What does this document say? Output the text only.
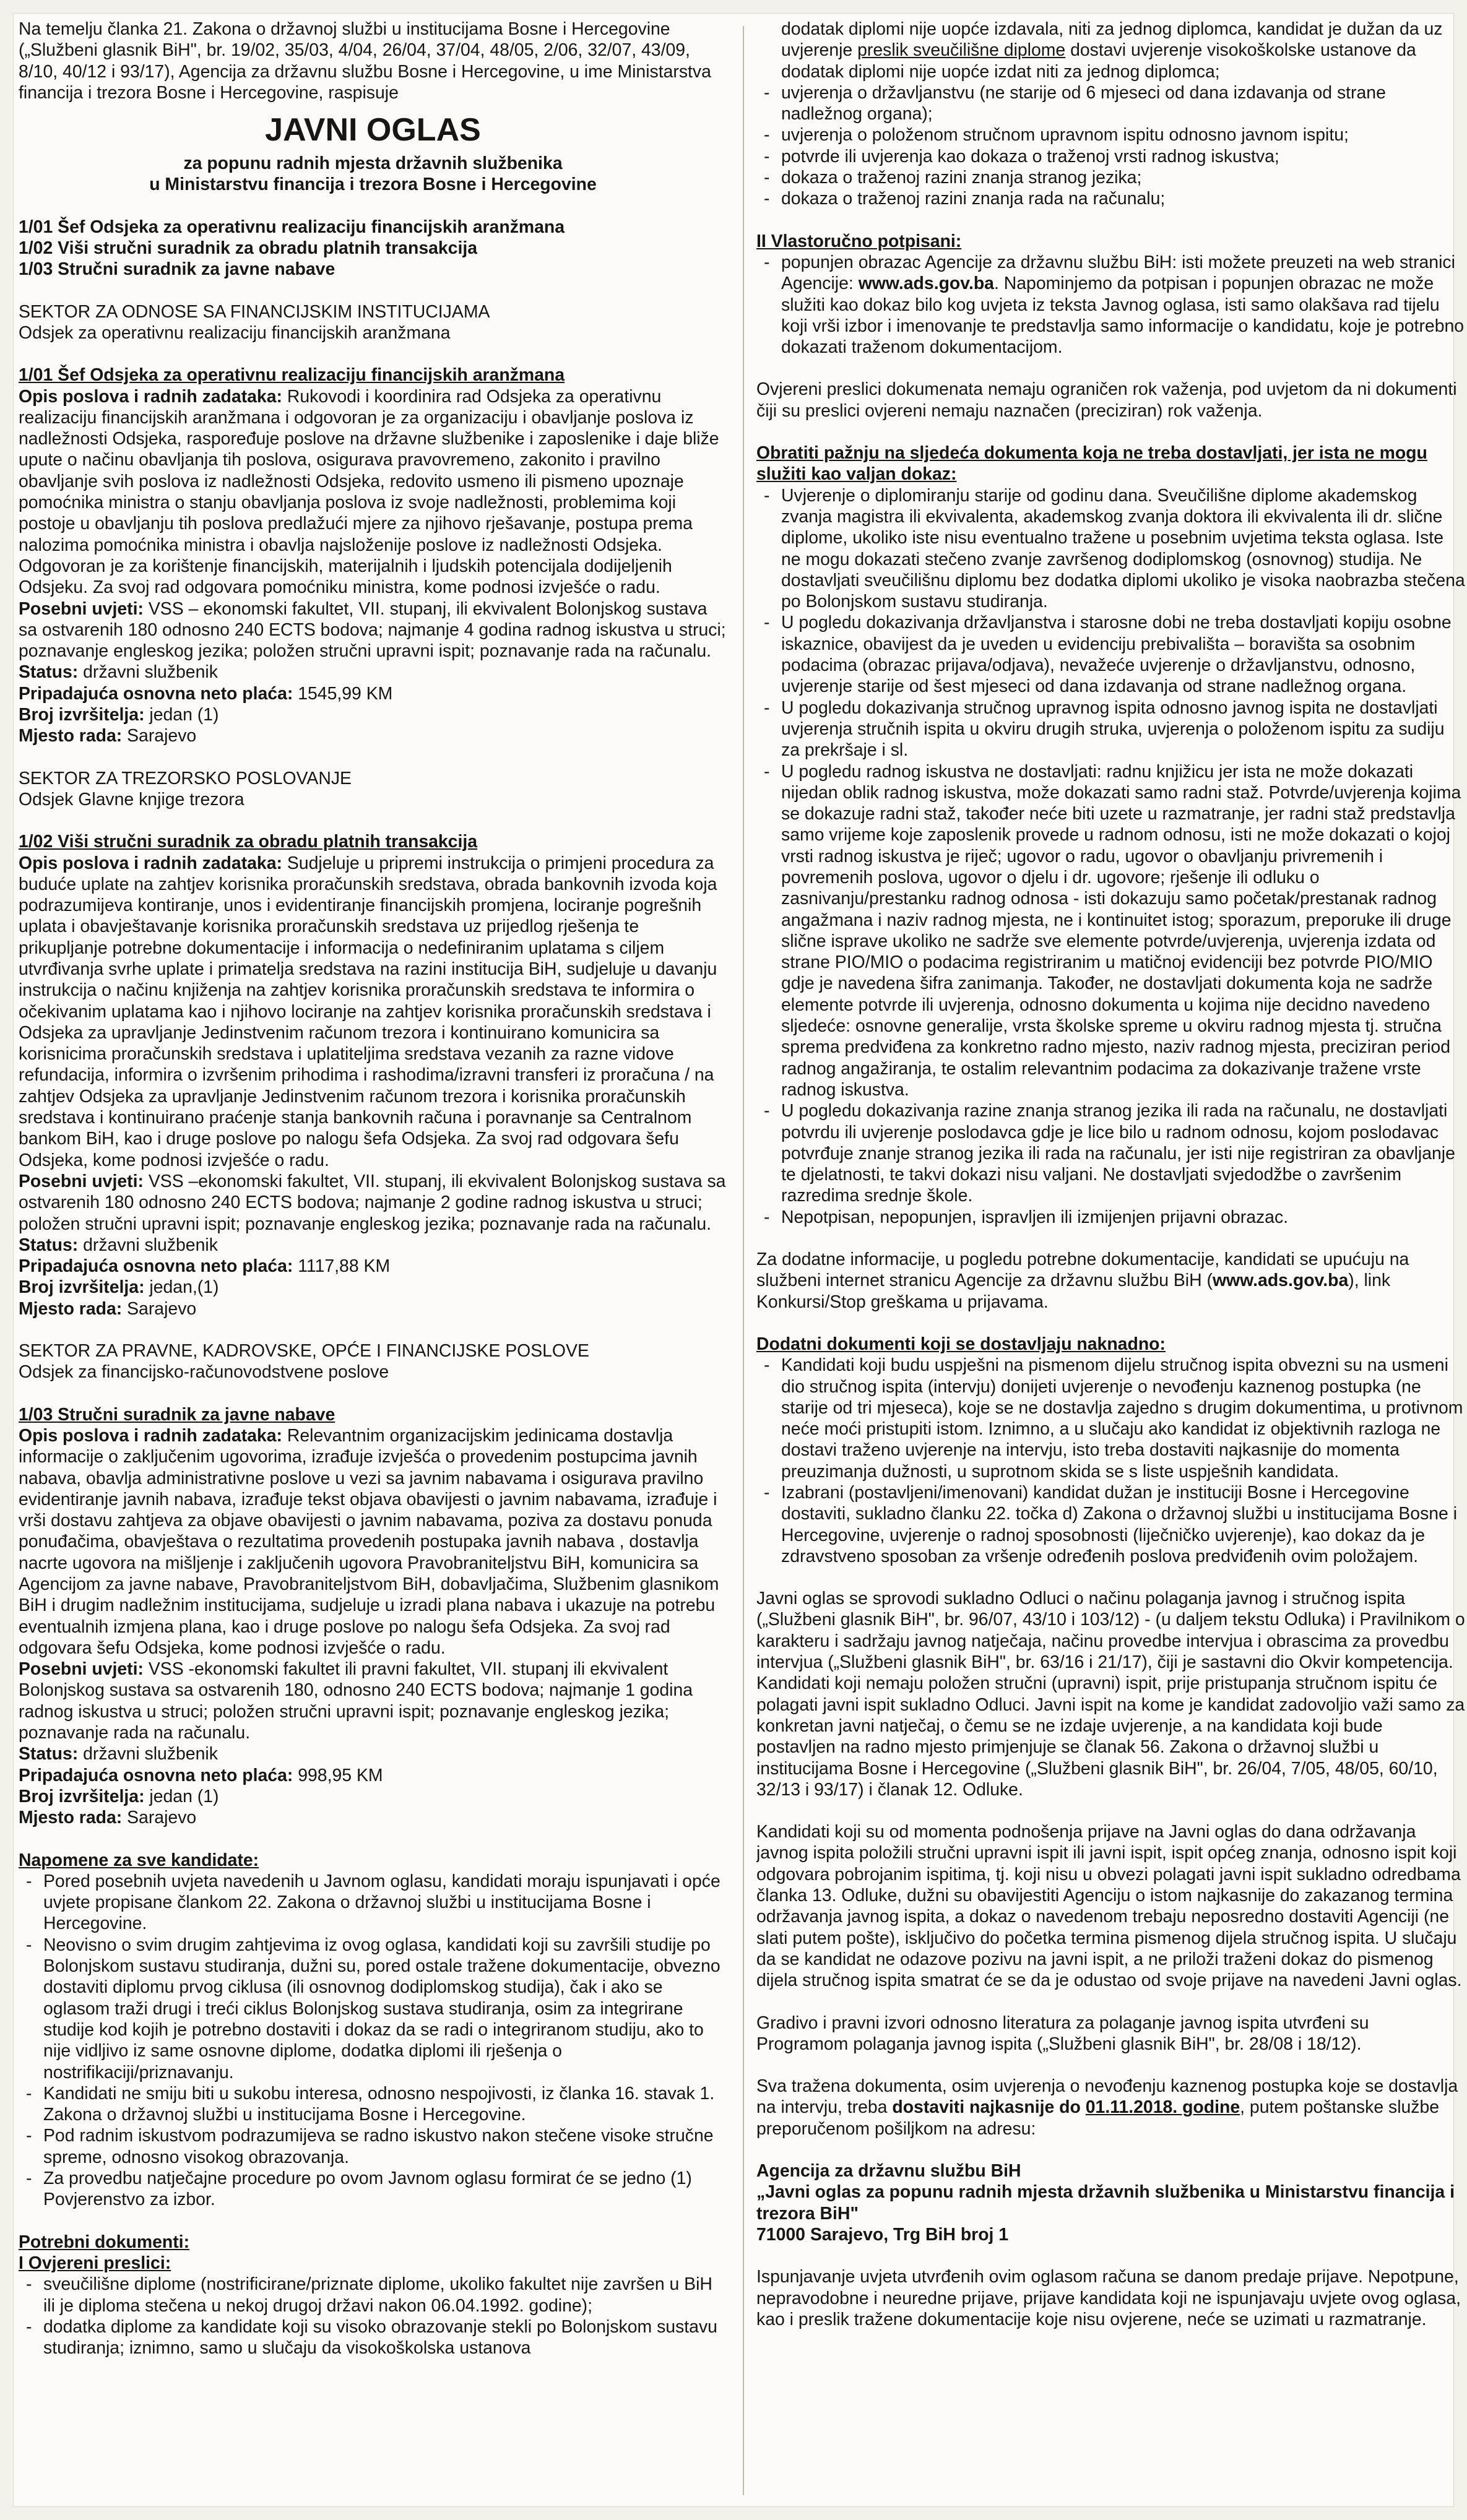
Na temelju članka 21. Zakona o državnoj službi u institucijama Bosne i Hercegovine („Službeni glasnik BiH", br. 19/02, 35/03, 4/04, 26/04, 37/04, 48/05, 2/06, 32/07, 43/09, 8/10, 40/12 i 93/17), Agencija za državnu službu Bosne i Hercegovine, u ime Ministarstva financija i trezora Bosne i Hercegovine, raspisuje

JAVNI OGLAS

za popunu radnih mjesta državnih službenika

u Ministarstvu financija i trezora Bosne i Hercegovine

1/01 Šef Odsjeka za operativnu realizaciju financijskih aranžmana

1/02 Viši stručni suradnik za obradu platnih transakcija

1/03 Stručni suradnik za javne nabave

SEKTOR ZA ODNOSE SA FINANCIJSKIM INSTITUCIJAMA

Odsjek za operativnu realizaciju financijskih aranžmana

1/01 Šef Odsjeka za operativnu realizaciju financijskih aranžmana

Opis poslova i radnih zadataka: Rukovodi i koordinira rad Odsjeka za operativnu realizaciju financijskih aranžmana i odgovoran je za organizaciju i obavljanje poslova iz nadležnosti Odsjeka, raspoređuje poslove na državne službenike i zaposlenike i daje bliže upute o načinu obavljanja tih poslova, osigurava pravovremeno, zakonito i pravilno obavljanje svih poslova iz nadležnosti Odsjeka, redovito usmeno ili pismeno upoznaje pomoćnika ministra o stanju obavljanja poslova iz svoje nadležnosti, problemima koji postoje u obavljanju tih poslova predlažući mjere za njihovo rješavanje, postupa prema nalozima pomoćnika ministra i obavlja najsloženije poslove iz nadležnosti Odsjeka. Odgovoran je za korištenje financijskih, materijalnih i ljudskih potencijala dodijeljenih Odsjeku. Za svoj rad odgovara pomoćniku ministra, kome podnosi izvješće o radu.

Posebni uvjeti: VSS – ekonomski fakultet, VII. stupanj, ili ekvivalent Bolonjskog sustava sa ostvarenih 180 odnosno 240 ECTS bodova; najmanje 4 godina radnog iskustva u struci; poznavanje engleskog jezika; položen stručni upravni ispit; poznavanje rada na računalu.

Status: državni službenik

Pripadajuća osnovna neto plaća: 1545,99 KM

Broj izvršitelja: jedan (1)

Mjesto rada: Sarajevo

SEKTOR ZA TREZORSKO POSLOVANJE

Odsjek Glavne knjige trezora

1/02 Viši stručni suradnik za obradu platnih transakcija

Opis poslova i radnih zadataka: Sudjeluje u pripremi instrukcija o primjeni procedura za buduće uplate na zahtjev korisnika proračunskih sredstava, obrada bankovnih izvoda koja podrazumijeva kontiranje, unos i evidentiranje financijskih promjena, lociranje pogrešnih uplata i obavještavanje korisnika proračunskih sredstava uz prijedlog rješenja te prikupljanje potrebne dokumentacije i informacija o nedefiniranim uplatama s ciljem utvrđivanja svrhe uplate i primatelja sredstava na razini institucija BiH, sudjeluje u davanju instrukcija o načinu knjiženja na zahtjev korisnika proračunskih sredstava te informira o očekivanim uplatama kao i njihovo lociranje na zahtjev korisnika proračunskih sredstava i Odsjeka za upravljanje Jedinstvenim računom trezora i kontinuirano komunicira sa korisnicima proračunskih sredstava i uplatiteljima sredstava vezanih za razne vidove refundacija, informira o izvršenim prihodima i rashodima/izravni transferi iz proračuna / na zahtjev Odsjeka za upravljanje Jedinstvenim računom trezora i korisnika proračunskih sredstava i kontinuirano praćenje stanja bankovnih računa i poravnanje sa Centralnom bankom BiH, kao i druge poslove po nalogu šefa Odsjeka. Za svoj rad odgovara šefu Odsjeka, kome podnosi izvješće o radu.

Posebni uvjeti: VSS –ekonomski fakultet, VII. stupanj, ili ekvivalent Bolonjskog sustava sa ostvarenih 180 odnosno 240 ECTS bodova; najmanje 2 godine radnog iskustva u struci; položen stručni upravni ispit; poznavanje engleskog jezika; poznavanje rada na računalu.

Status: državni službenik

Pripadajuća osnovna neto plaća: 1117,88 KM

Broj izvršitelja: jedan,(1)

Mjesto rada: Sarajevo

SEKTOR ZA PRAVNE, KADROVSKE, OPĆE I FINANCIJSKE POSLOVE

Odsjek za financijsko-računovodstvene poslove

1/03 Stručni suradnik za javne nabave

Opis poslova i radnih zadataka: Relevantnim organizacijskim jedinicama dostavlja informacije o zaključenim ugovorima, izrađuje izvješća o provedenim postupcima javnih nabava, obavlja administrativne poslove u vezi sa javnim nabavama i osigurava pravilno evidentiranje javnih nabava, izrađuje tekst objava obavijesti o javnim nabavama, izrađuje i vrši dostavu zahtjeva za objave obavijesti o javnim nabavama, poziva za dostavu ponuda ponuđačima, obavještava o rezultatima provedenih postupaka javnih nabava , dostavlja nacrte ugovora na mišljenje i zaključenih ugovora Pravobraniteljstvu BiH, komunicira sa Agencijom za javne nabave, Pravobraniteljstvom BiH, dobavljačima, Službenim glasnikom BiH i drugim nadležnim institucijama, sudjeluje u izradi plana nabava i ukazuje na potrebu eventualnih izmjena plana, kao i druge poslove po nalogu šefa Odsjeka. Za svoj rad odgovara šefu Odsjeka, kome podnosi izvješće o radu.

Posebni uvjeti: VSS -ekonomski fakultet ili pravni fakultet, VII. stupanj ili ekvivalent Bolonjskog sustava sa ostvarenih 180, odnosno 240 ECTS bodova; najmanje 1 godina radnog iskustva u struci; položen stručni upravni ispit; poznavanje engleskog jezika; poznavanje rada na računalu.

Status: državni službenik

Pripadajuća osnovna neto plaća: 998,95 KM

Broj izvršitelja: jedan (1)

Mjesto rada: Sarajevo

Napomene za sve kandidate:

- Pored posebnih uvjeta navedenih u Javnom oglasu, kandidati moraju ispunjavati i opće uvjete propisane člankom 22. Zakona o državnoj službi u institucijama Bosne i Hercegovine.
- Neovisno o svim drugim zahtjevima iz ovog oglasa, kandidati koji su završili studije po Bolonjskom sustavu studiranja, dužni su, pored ostale tražene dokumentacije, obvezno dostaviti diplomu prvog ciklusa (ili osnovnog dodiplomskog studija), čak i ako se oglasom traži drugi i treći ciklus Bolonjskog sustava studiranja, osim za integrirane studije kod kojih je potrebno dostaviti i dokaz da se radi o integriranom studiju, ako to nije vidljivo iz same osnovne diplome, dodatka diplomi ili rješenja o nostrifikaciji/priznavanju.
- Kandidati ne smiju biti u sukobu interesa, odnosno nespojivosti, iz članka 16. stavak 1. Zakona o državnoj službi u institucijama Bosne i Hercegovine.
- Pod radnim iskustvom podrazumijeva se radno iskustvo nakon stečene visoke stručne spreme, odnosno visokog obrazovanja.
- Za provedbu natječajne procedure po ovom Javnom oglasu formirat će se jedno (1) Povjerenstvo za izbor.

Potrebni dokumenti:

I Ovjereni preslici:

- sveučilišne diplome (nostrificirane/priznate diplome, ukoliko fakultet nije završen u BiH ili je diploma stečena u nekoj drugoj državi nakon 06.04.1992. godine);
- dodatka diplome za kandidate koji su visoko obrazovanje stekli po Bolonjskom sustavu studiranja; iznimno, samo u slučaju da visokoškolska ustanova

dodatak diplomi nije uopće izdavala, niti za jednog diplomca, kandidat je dužan da uz uvjerenje preslik sveučilišne diplome dostavi uvjerenje visokoškolske ustanove da dodatak diplomi nije uopće izdat niti za jednog diplomca;

- uvjerenja o državljanstvu (ne starije od 6 mjeseci od dana izdavanja od strane nadležnog organa);
- uvjerenja o položenom stručnom upravnom ispitu odnosno javnom ispitu;
- potvrde ili uvjerenja kao dokaza o traženoj vrsti radnog iskustva;
- dokaza o traženoj razini znanja stranog jezika;
- dokaza o traženoj razini znanja rada na računalu;

II Vlastoručno potpisani:

- popunjen obrazac Agencije za državnu službu BiH: isti možete preuzeti na web stranici Agencije: www.ads.gov.ba. Napominjemo da potpisan i popunjen obrazac ne može služiti kao dokaz bilo kog uvjeta iz teksta Javnog oglasa, isti samo olakšava rad tijelu koji vrši izbor i imenovanje te predstavlja samo informacije o kandidatu, koje je potrebno dokazati traženom dokumentacijom.

Ovjereni preslici dokumenata nemaju ograničen rok važenja, pod uvjetom da ni dokumenti čiji su preslici ovjereni nemaju naznačen (preciziran) rok važenja.

Obratiti pažnju na sljedeća dokumenta koja ne treba dostavljati, jer ista ne mogu služiti kao valjan dokaz:

- Uvjerenje o diplomiranju starije od godinu dana. Sveučilišne diplome akademskog zvanja magistra ili ekvivalenta, akademskog zvanja doktora ili ekvivalenta ili dr. slične diplome, ukoliko iste nisu eventualno tražene u posebnim uvjetima teksta oglasa. Iste ne mogu dokazati stečeno zvanje završenog dodiplomskog (osnovnog) studija. Ne dostavljati sveučilišnu diplomu bez dodatka diplomi ukoliko je visoka naobrazba stečena po Bolonjskom sustavu studiranja.
- U pogledu dokazivanja državljanstva i starosne dobi ne treba dostavljati kopiju osobne iskaznice, obavijest da je uveden u evidenciju prebivališta – boravišta sa osobnim podacima (obrazac prijava/odjava), nevažeće uvjerenje o državljanstvu, odnosno, uvjerenje starije od šest mjeseci od dana izdavanja od strane nadležnog organa.
- U pogledu dokazivanja stručnog upravnog ispita odnosno javnog ispita ne dostavljati uvjerenja stručnih ispita u okviru drugih struka, uvjerenja o položenom ispitu za sudiju za prekršaje i sl.
- U pogledu radnog iskustva ne dostavljati: radnu knjižicu jer ista ne može dokazati nijedan oblik radnog iskustva, može dokazati samo radni staž. Potvrde/uvjerenja kojima se dokazuje radni staž, također neće biti uzete u razmatranje, jer radni staž predstavlja samo vrijeme koje zaposlenik provede u radnom odnosu, isti ne može dokazati o kojoj vrsti radnog iskustva je riječ; ugovor o radu, ugovor o obavljanju privremenih i povremenih poslova, ugovor o djelu i dr. ugovore; rješenje ili odluku o zasnivanju/prestanku radnog odnosa - isti dokazuju samo početak/prestanak radnog angažmana i naziv radnog mjesta, ne i kontinuitet istog; sporazum, preporuke ili druge slične isprave ukoliko ne sadrže sve elemente potvrde/uvjerenja, uvjerenja izdata od strane PIO/MIO o podacima registriranim u matičnoj evidenciji bez potvrde PIO/MIO gdje je navedena šifra zanimanja. Također, ne dostavljati dokumenta koja ne sadrže elemente potvrde ili uvjerenja, odnosno dokumenta u kojima nije decidno navedeno sljedeće: osnovne generalije, vrsta školske spreme u okviru radnog mjesta tj. stručna sprema predviđena za konkretno radno mjesto, naziv radnog mjesta, preciziran period radnog angažiranja, te ostalim relevantnim podacima za dokazivanje tražene vrste radnog iskustva.
- U pogledu dokazivanja razine znanja stranog jezika ili rada na računalu, ne dostavljati potvrdu ili uvjerenje poslodavca gdje je lice bilo u radnom odnosu, kojom poslodavac potvrđuje znanje stranog jezika ili rada na računalu, jer isti nije registriran za obavljanje te djelatnosti, te takvi dokazi nisu valjani. Ne dostavljati svjedodžbe o završenim razredima srednje škole.
- Nepotpisan, nepopunjen, ispravljen ili izmijenjen prijavni obrazac.

Za dodatne informacije, u pogledu potrebne dokumentacije, kandidati se upućuju na službeni internet stranicu Agencije za državnu službu BiH (www.ads.gov.ba), link Konkursi/Stop greškama u prijavama.

Dodatni dokumenti koji se dostavljaju naknadno:

- Kandidati koji budu uspješni na pismenom dijelu stručnog ispita obvezni su na usmeni dio stručnog ispita (intervju) donijeti uvjerenje o nevođenju kaznenog postupka (ne starije od tri mjeseca), koje se ne dostavlja zajedno s drugim dokumentima, u protivnom neće moći pristupiti istom. Iznimno, a u slučaju ako kandidat iz objektivnih razloga ne dostavi traženo uvjerenje na intervju, isto treba dostaviti najkasnije do momenta preuzimanja dužnosti, u suprotnom skida se s liste uspješnih kandidata.
- Izabrani (postavljeni/imenovani) kandidat dužan je instituciji Bosne i Hercegovine dostaviti, sukladno članku 22. točka d) Zakona o državnoj službi u institucijama Bosne i Hercegovine, uvjerenje o radnoj sposobnosti (liječničko uvjerenje), kao dokaz da je zdravstveno sposoban za vršenje određenih poslova predviđenih ovim položajem.

Javni oglas se sprovodi sukladno Odluci o načinu polaganja javnog i stručnog ispita („Službeni glasnik BiH", br. 96/07, 43/10 i 103/12) - (u daljem tekstu Odluka) i Pravilnikom o karakteru i sadržaju javnog natječaja, načinu provedbe intervjua i obrascima za provedbu intervjua („Službeni glasnik BiH", br. 63/16 i 21/17), čiji je sastavni dio Okvir kompetencija. Kandidati koji nemaju položen stručni (upravni) ispit, prije pristupanja stručnom ispitu će polagati javni ispit sukladno Odluci. Javni ispit na kome je kandidat zadovoljio važi samo za konkretan javni natječaj, o čemu se ne izdaje uvjerenje, a na kandidata koji bude postavljen na radno mjesto primjenjuje se članak 56. Zakona o državnoj službi u institucijama Bosne i Hercegovine („Službeni glasnik BiH", br. 26/04, 7/05, 48/05, 60/10, 32/13 i 93/17) i članak 12. Odluke.

Kandidati koji su od momenta podnošenja prijave na Javni oglas do dana održavanja javnog ispita položili stručni upravni ispit ili javni ispit, ispit općeg znanja, odnosno ispit koji odgovara pobrojanim ispitima, tj. koji nisu u obvezi polagati javni ispit sukladno odredbama članka 13. Odluke, dužni su obavijestiti Agenciju o istom najkasnije do zakazanog termina održavanja javnog ispita, a dokaz o navedenom trebaju neposredno dostaviti Agenciji (ne slati putem pošte), isključivo do početka termina pismenog dijela stručnog ispita. U slučaju da se kandidat ne odazove pozivu na javni ispit, a ne priloži traženi dokaz do pismenog dijela stručnog ispita smatrat će se da je odustao od svoje prijave na navedeni Javni oglas.

Gradivo i pravni izvori odnosno literatura za polaganje javnog ispita utvrđeni su Programom polaganja javnog ispita („Službeni glasnik BiH", br. 28/08 i 18/12).

Sva tražena dokumenta, osim uvjerenja o nevođenju kaznenog postupka koje se dostavlja na intervju, treba dostaviti najkasnije do 01.11.2018. godine, putem poštanske službe preporučenom pošiljkom na adresu:

Agencija za državnu službu BiH

„Javni oglas za popunu radnih mjesta državnih službenika u Ministarstvu financija i trezora BiH"

71000 Sarajevo, Trg BiH broj 1

Ispunjavanje uvjeta utvrđenih ovim oglasom računa se danom predaje prijave. Nepotpune, nepravodobne i neuredne prijave, prijave kandidata koji ne ispunjavaju uvjete ovog oglasa, kao i preslik tražene dokumentacije koje nisu ovjerene, neće se uzimati u razmatranje.
